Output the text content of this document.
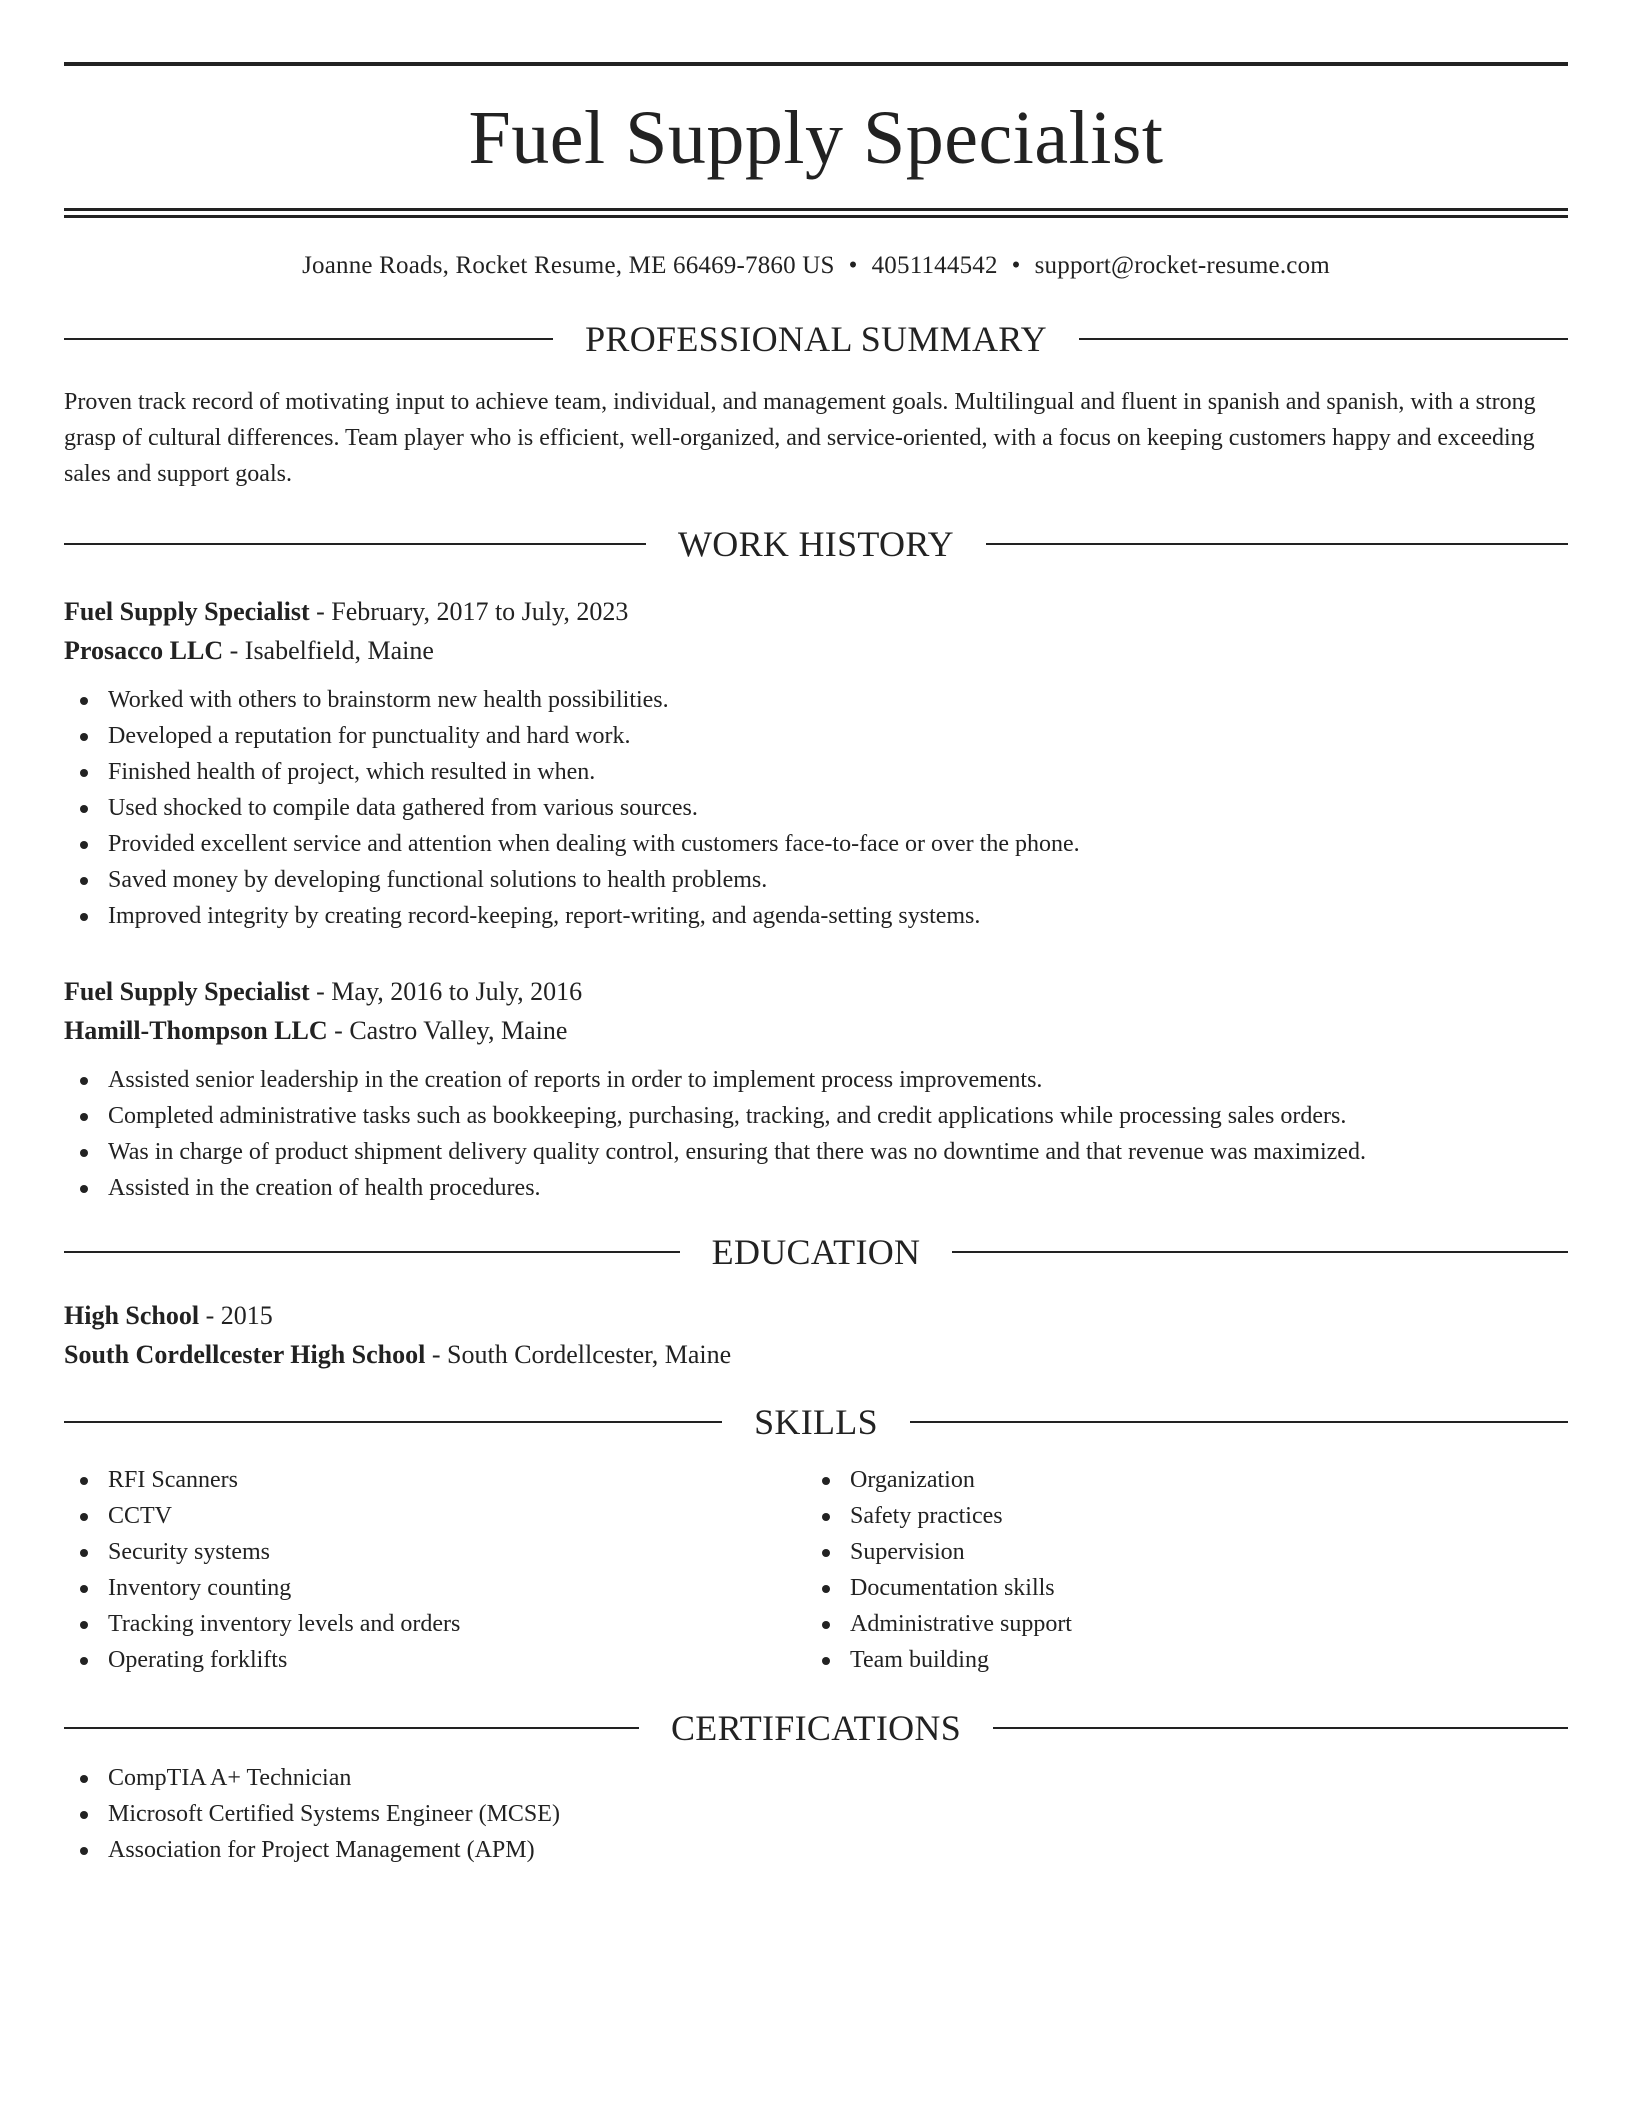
Fuel Supply Specialist
Joanne Roads, Rocket Resume, ME 66469-7860 US • 4051144542 • support@rocket-resume.com
PROFESSIONAL SUMMARY

Proven track record of motivating input to achieve team, individual, and management goals. Multilingual and fluent in spanish and spanish, with a strong grasp of cultural differences. Team player who is efficient, well-organized, and service-oriented, with a focus on keeping customers happy and exceeding sales and support goals.

WORK HISTORY
Fuel Supply Specialist - February, 2017 to July, 2023
Prosacco LLC - Isabelfield, Maine
Worked with others to brainstorm new health possibilities.
Developed a reputation for punctuality and hard work.
Finished health of project, which resulted in when.
Used shocked to compile data gathered from various sources.
Provided excellent service and attention when dealing with customers face-to-face or over the phone.
Saved money by developing functional solutions to health problems.
Improved integrity by creating record-keeping, report-writing, and agenda-setting systems.
Fuel Supply Specialist - May, 2016 to July, 2016
Hamill-Thompson LLC - Castro Valley, Maine
Assisted senior leadership in the creation of reports in order to implement process improvements.
Completed administrative tasks such as bookkeeping, purchasing, tracking, and credit applications while processing sales orders.
Was in charge of product shipment delivery quality control, ensuring that there was no downtime and that revenue was maximized.
Assisted in the creation of health procedures.
EDUCATION
High School - 2015
South Cordellcester High School - South Cordellcester, Maine
SKILLS
RFI Scanners
CCTV
Security systems
Inventory counting
Tracking inventory levels and orders
Operating forklifts
Organization
Safety practices
Supervision
Documentation skills
Administrative support
Team building
CERTIFICATIONS
CompTIA A+ Technician
Microsoft Certified Systems Engineer (MCSE)
Association for Project Management (APM)
